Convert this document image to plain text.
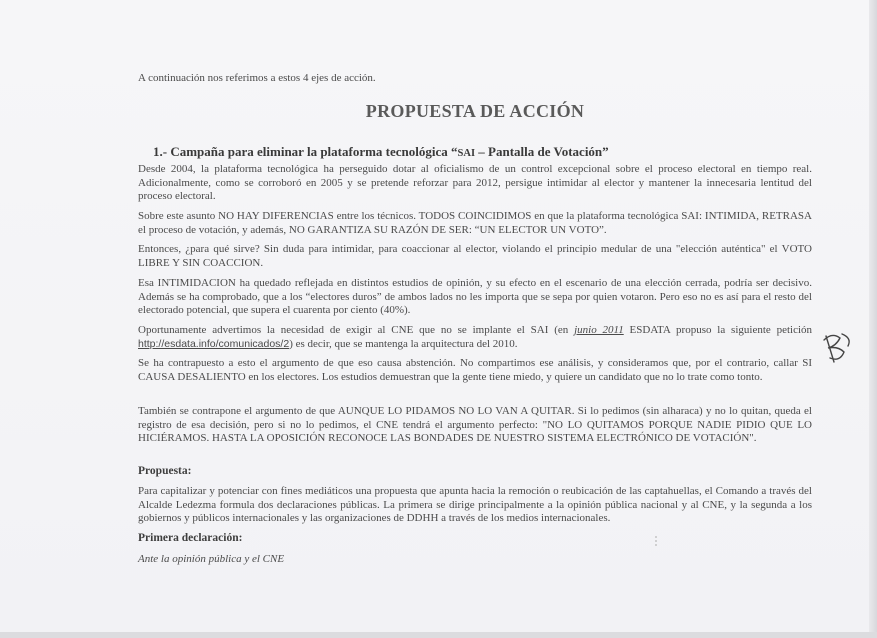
A continuación nos referimos a estos 4 ejes de acción.
PROPUESTA DE ACCIÓN
1.- Campaña para eliminar la plataforma tecnológica “SAI – Pantalla de Votación”
Desde 2004, la plataforma tecnológica ha perseguido dotar al oficialismo de un control excepcional sobre el proceso electoral en tiempo real. Adicionalmente, como se corroboró en 2005 y se pretende reforzar para 2012, persigue intimidar al elector y mantener la innecesaria lentitud del proceso electoral.
Sobre este asunto NO HAY DIFERENCIAS entre los técnicos. TODOS COINCIDIMOS en que la plataforma tecnológica SAI: INTIMIDA, RETRASA el proceso de votación, y además, NO GARANTIZA SU RAZÓN DE SER: “UN ELECTOR UN VOTO”.
Entonces, ¿para qué sirve? Sin duda para intimidar, para coaccionar al elector, violando el principio medular de una "elección auténtica" el VOTO LIBRE Y SIN COACCION.
Esa INTIMIDACION ha quedado reflejada en distintos estudios de opinión, y su efecto en el escenario de una elección cerrada, podría ser decisivo. Además se ha comprobado, que a los “electores duros” de ambos lados no les importa que se sepa por quien votaron. Pero eso no es así para el resto del electorado potencial, que supera el cuarenta por ciento (40%).
Oportunamente advertimos la necesidad de exigir al CNE que no se implante el SAI (en junio 2011 ESDATA propuso la siguiente petición http://esdata.info/comunicados/2) es decir, que se mantenga la arquitectura del 2010.
Se ha contrapuesto a esto el argumento de que eso causa abstención. No compartimos ese análisis, y consideramos que, por el contrario, callar SI CAUSA DESALIENTO en los electores. Los estudios demuestran que la gente tiene miedo, y quiere un candidato que no lo trate como tonto.
También se contrapone el argumento de que AUNQUE LO PIDAMOS NO LO VAN A QUITAR. Si lo pedimos (sin alharaca) y no lo quitan, queda el registro de esa decisión, pero si no lo pedimos, el CNE tendrá el argumento perfecto: "NO LO QUITAMOS PORQUE NADIE PIDIO QUE LO HICIÉRAMOS. HASTA LA OPOSICIÓN RECONOCE LAS BONDADES DE NUESTRO SISTEMA ELECTRÓNICO DE VOTACIÓN".
Propuesta:
Para capitalizar y potenciar con fines mediáticos una propuesta que apunta hacia la remoción o reubicación de las captahuellas, el Comando a través del Alcalde Ledezma formula dos declaraciones públicas. La primera se dirige principalmente a la opinión pública nacional y al CNE, y la segunda a los gobiernos y públicos internacionales y las organizaciones de DDHH a través de los medios internacionales.
Primera declaración:
Ante la opinión pública y el CNE
